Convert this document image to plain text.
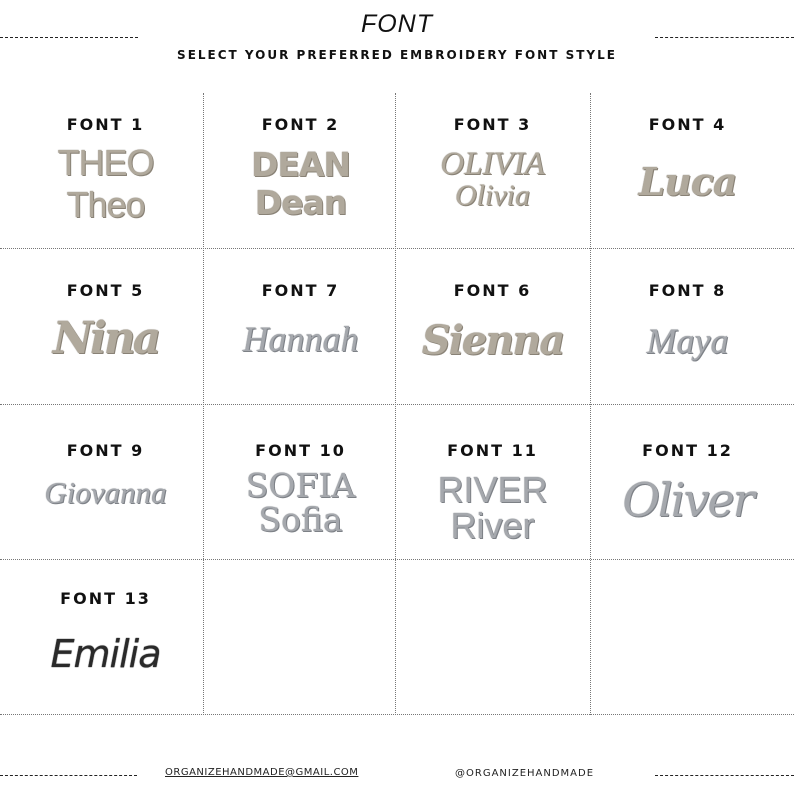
FONT
SELECT YOUR PREFERRED EMBROIDERY FONT STYLE
FONT 1
THEO
Theo
FONT 2
DEAN
Dean
FONT 3
OLIVIA
Olivia
FONT 4
Luca
FONT 5
Nina
FONT 7
Hannah
FONT 6
Sienna
FONT 8
Maya
FONT 9
Giovanna
FONT 10
SOFIA
Sofia
FONT 11
RIVER
River
FONT 12
Oliver
FONT 13
Emilia
ORGANIZEHANDMADE@GMAIL.COM	@ORGANIZEHANDMADE
